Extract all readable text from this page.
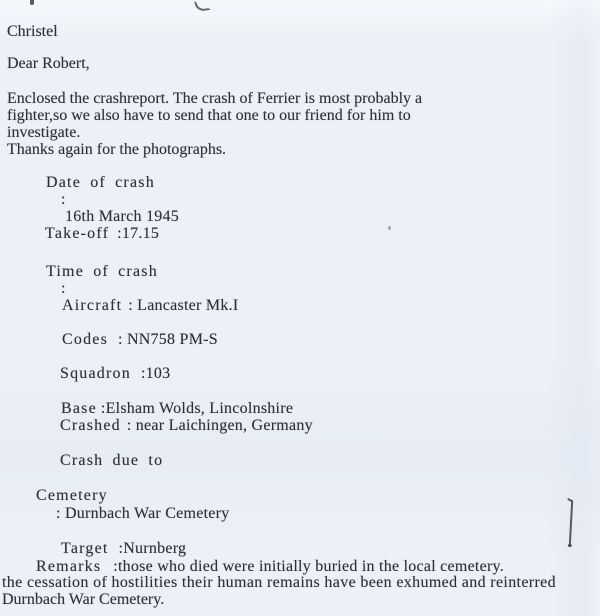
Christel
Dear Robert,
Enclosed the crashreport. The crash of Ferrier is most probably a
fighter,so we also have to send that one to our friend for him to
investigate.
Thanks again for the photographs.
Date of crash
:
16th March 1945
Take-off :17.15
Time of crash
:
Aircraft : Lancaster Mk.I
Codes : NN758 PM-S
Squadron :103
Base :Elsham Wolds, Lincolnshire
Crashed : near Laichingen, Germany
Crash due to
Cemetery
: Durnbach War Cemetery
Target :Nurnberg
Remarks :those who died were initially buried in the local cemetery.
the cessation of hostilities their human remains have been exhumed and reinterred
Durnbach War Cemetery.
